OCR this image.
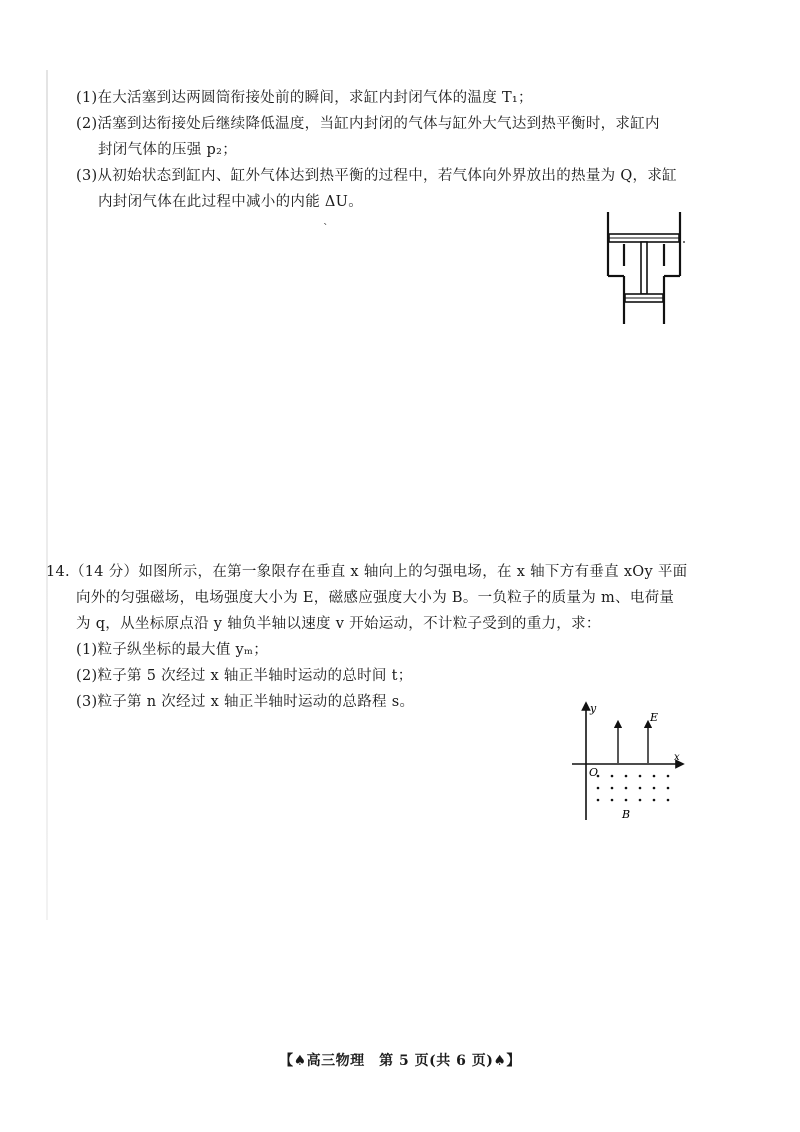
(1)在大活塞到达两圆筒衔接处前的瞬间，求缸内封闭气体的温度 T₁；
(2)活塞到达衔接处后继续降低温度，当缸内封闭的气体与缸外大气达到热平衡时，求缸内
封闭气体的压强 p₂；
(3)从初始状态到缸内、缸外气体达到热平衡的过程中，若气体向外界放出的热量为 Q，求缸
内封闭气体在此过程中减小的内能 ΔU。
ˋ
14.（14 分）如图所示，在第一象限存在垂直 x 轴向上的匀强电场，在 x 轴下方有垂直 xOy 平面
向外的匀强磁场，电场强度大小为 E，磁感应强度大小为 B。一负粒子的质量为 m、电荷量
为 q，从坐标原点沿 y 轴负半轴以速度 v 开始运动，不计粒子受到的重力，求：
(1)粒子纵坐标的最大值 yₘ；
(2)粒子第 5 次经过 x 轴正半轴时运动的总时间 t；
(3)粒子第 n 次经过 x 轴正半轴时运动的总路程 s。	y
x
O
E
B
【♠高三物理　第 5 页(共 6 页)♠】
